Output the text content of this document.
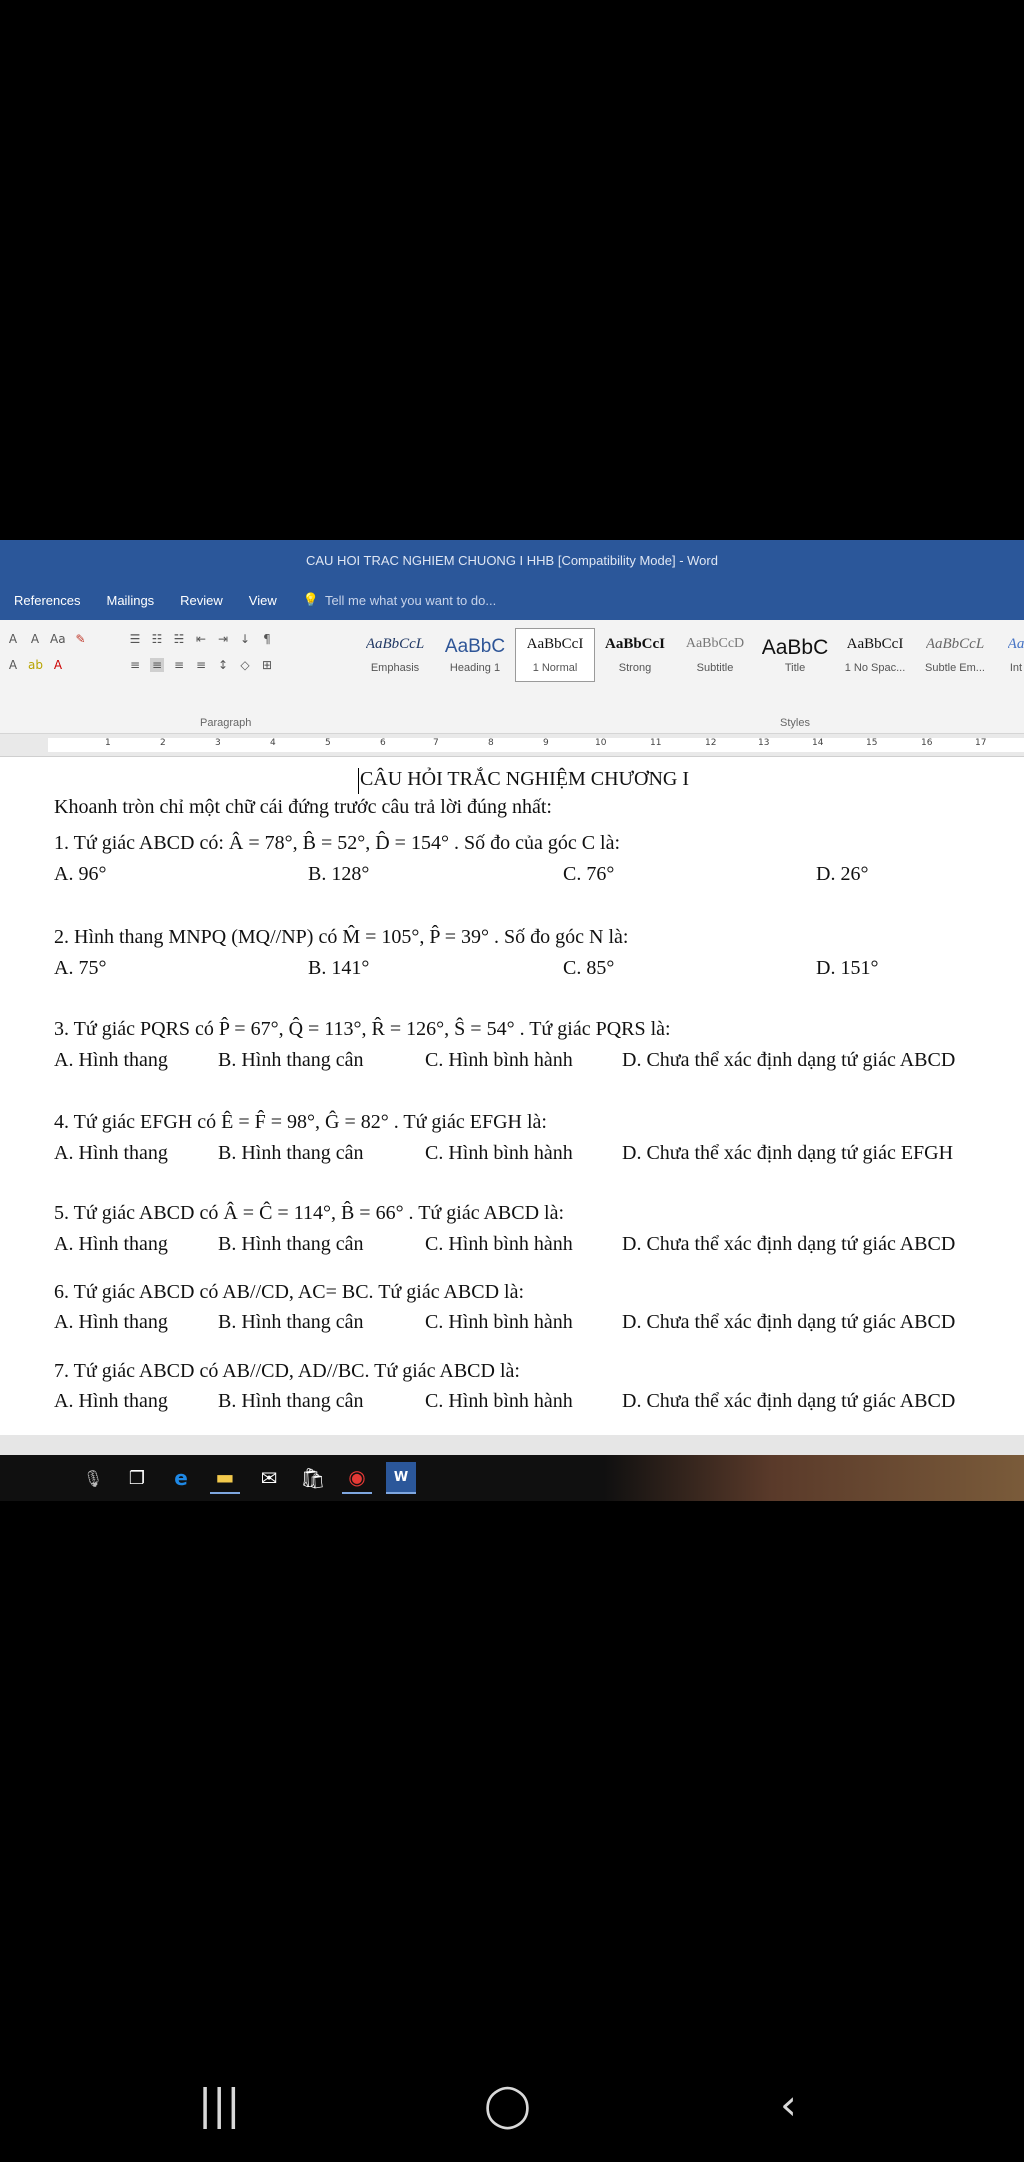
CAU HOI TRAC NGHIEM CHUONG I HHB [Compatibility Mode] - Word
References Mailings Review View 💡 Tell me what you want to do...
A A Aa ✎
A ab A
☰ ☷ ☵ ⇤ ⇥ ↓ ¶
≡ ≡ ≡ ≡ ↕ ◇ ⊞
Paragraph
AaBbCcL
Emphasis
AaBbC
Heading 1
AaBbCcI
1 Normal
AaBbCcI
Strong
AaBbCcD
Subtitle
AaBbC
Title
AaBbCcI
1 No Spac...
AaBbCcL
Subtle Em...
Aa
Int
Styles
1	2	3	4	5	6	7	8	9	10	11	12	13	14	15	16	17
CÂU HỎI TRẮC NGHIỆM CHƯƠNG I
Khoanh tròn chỉ một chữ cái đứng trước câu trả lời đúng nhất:
1. Tứ giác ABCD có: Â = 78°, B̂ = 52°, D̂ = 154° . Số đo của góc C là:
A. 96°	B. 128°	C. 76°	D. 26°
2. Hình thang MNPQ (MQ//NP) có M̂ = 105°, P̂ = 39° . Số đo góc N là:
A. 75°	B. 141°	C. 85°	D. 151°
3. Tứ giác PQRS có P̂ = 67°, Q̂ = 113°, R̂ = 126°, Ŝ = 54° . Tứ giác PQRS là:
A. Hình thang	B. Hình thang cân	C. Hình bình hành D. Chưa thể xác định dạng tứ giác ABCD
4. Tứ giác EFGH có Ê = F̂ = 98°, Ĝ = 82° . Tứ giác EFGH là:
A. Hình thang	B. Hình thang cân	C. Hình bình hành D. Chưa thể xác định dạng tứ giác EFGH
5. Tứ giác ABCD có Â = Ĉ = 114°, B̂ = 66° . Tứ giác ABCD là:
A. Hình thang	B. Hình thang cân	C. Hình bình hành D. Chưa thể xác định dạng tứ giác ABCD
6. Tứ giác ABCD có AB//CD, AC= BC. Tứ giác ABCD là:
A. Hình thang	B. Hình thang cân	C. Hình bình hành D. Chưa thể xác định dạng tứ giác ABCD
7. Tứ giác ABCD có AB//CD, AD//BC. Tứ giác ABCD là:
A. Hình thang	B. Hình thang cân	C. Hình bình hành D. Chưa thể xác định dạng tứ giác ABCD
🎙	❐	e	▬	✉	🛍	◉	W
|||	◯	‹
